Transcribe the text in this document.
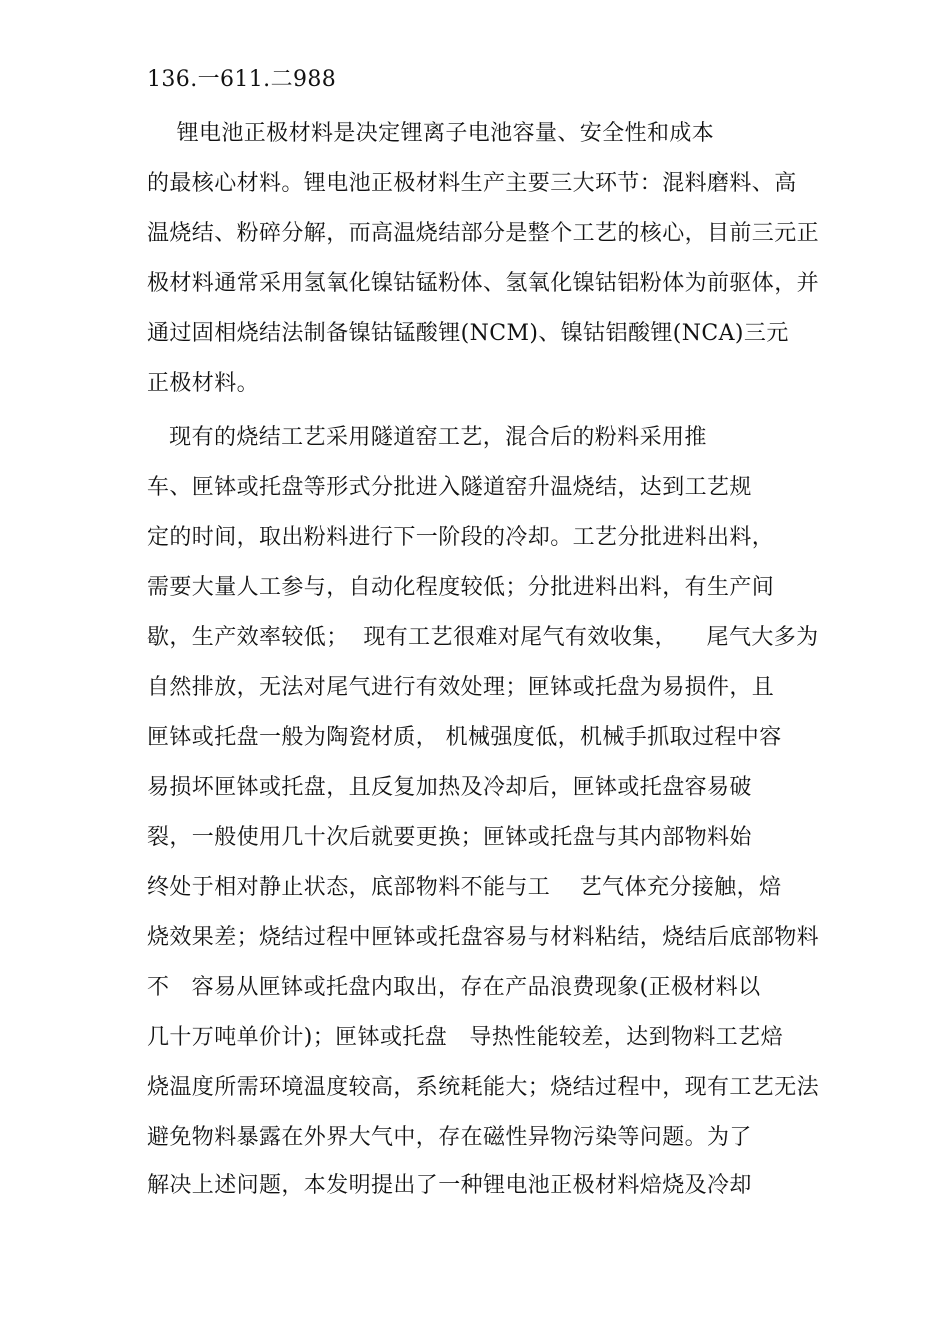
136.一611.二988
锂电池正极材料是决定锂离子电池容量、安全性和成本
的最核心材料。锂电池正极材料生产主要三大环节：混料磨料、高
温烧结、粉碎分解，而高温烧结部分是整个工艺的核心，目前三元正
极材料通常采用氢氧化镍钴锰粉体、氢氧化镍钴铝粉体为前驱体，并
通过固相烧结法制备镍钴锰酸锂(NCM)、镍钴铝酸锂(NCA)三元
正极材料。
现有的烧结工艺采用隧道窑工艺，混合后的粉料采用推
车、匣钵或托盘等形式分批进入隧道窑升温烧结，达到工艺规
定的时间，取出粉料进行下一阶段的冷却。工艺分批进料出料，
需要大量人工参与，自动化程度较低；分批进料出料，有生产间
歇，生产效率较低；  现有工艺很难对尾气有效收集，    尾气大多为
自然排放，无法对尾气进行有效处理；匣钵或托盘为易损件，且
匣钵或托盘一般为陶瓷材质， 机械强度低，机械手抓取过程中容
易损坏匣钵或托盘，且反复加热及冷却后，匣钵或托盘容易破
裂，一般使用几十次后就要更换；匣钵或托盘与其内部物料始
终处于相对静止状态，底部物料不能与工    艺气体充分接触，焙
烧效果差；烧结过程中匣钵或托盘容易与材料粘结，烧结后底部物料
不   容易从匣钵或托盘内取出，存在产品浪费现象(正极材料以
几十万吨单价计)；匣钵或托盘   导热性能较差，达到物料工艺焙
烧温度所需环境温度较高，系统耗能大；烧结过程中，现有工艺无法
避免物料暴露在外界大气中，存在磁性异物污染等问题。为了
解决上述问题，本发明提出了一种锂电池正极材料焙烧及冷却
